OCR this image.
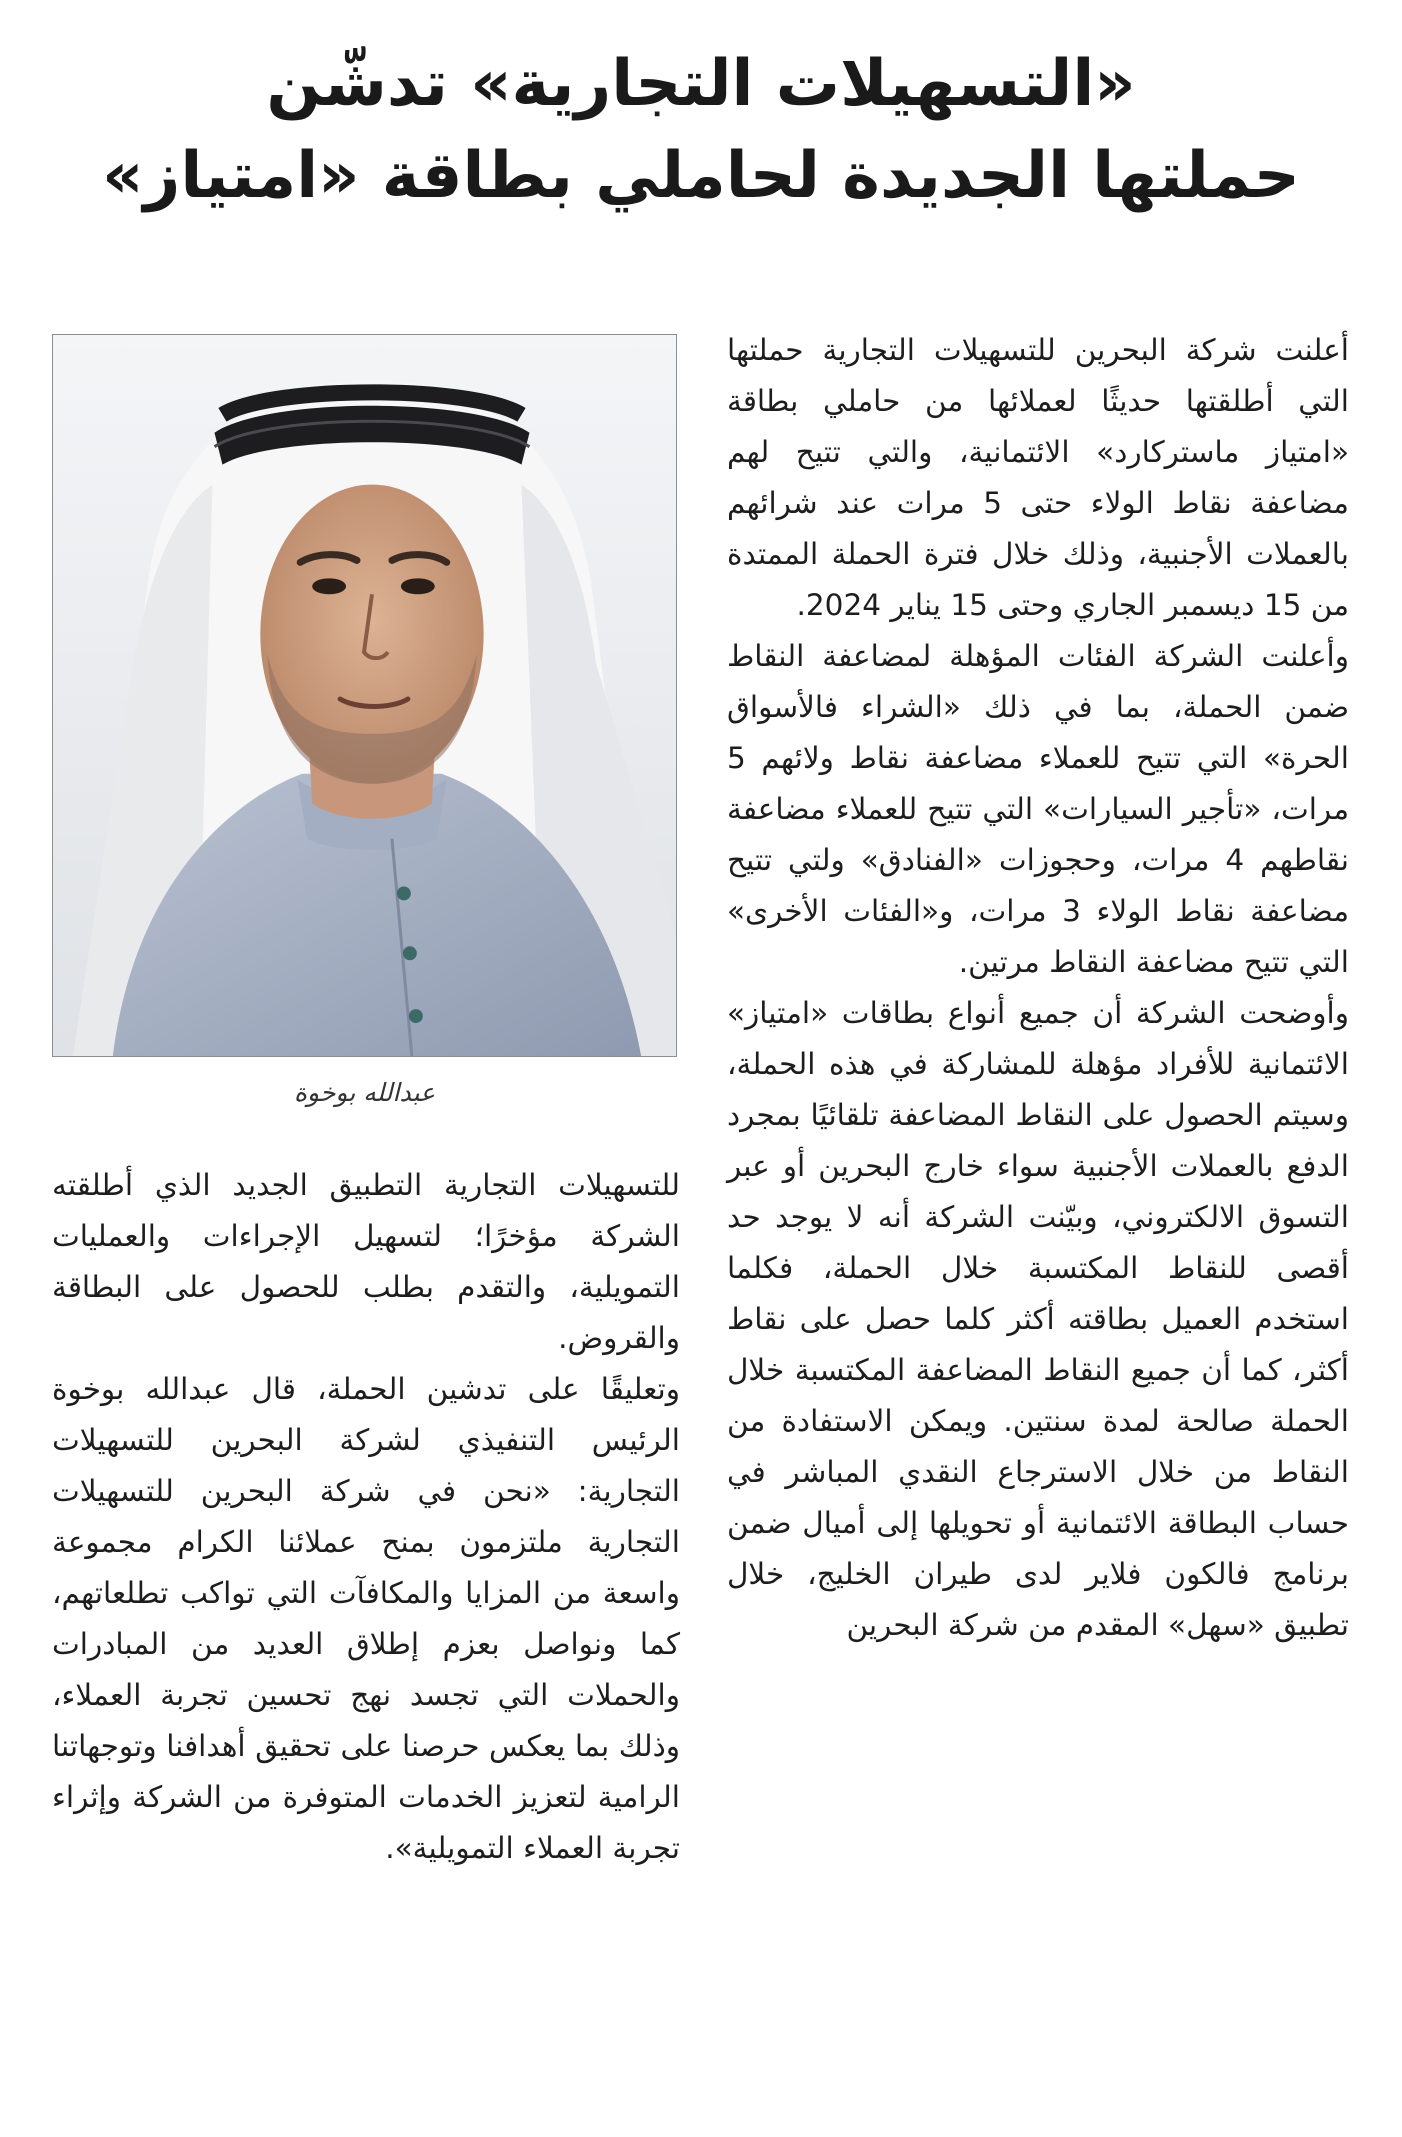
«التسهيلات التجارية» تدشّن
حملتها الجديدة لحاملي بطاقة «امتياز»

أعلنت شركة البحرين للتسهيلات التجارية حملتها التي أطلقتها حديثًا لعملائها من حاملي بطاقة «امتياز ماستركارد» الائتمانية، والتي تتيح لهم مضاعفة نقاط الولاء حتى 5 مرات عند شرائهم بالعملات الأجنبية، وذلك خلال فترة الحملة الممتدة من 15 ديسمبر الجاري وحتى 15 يناير 2024.

وأعلنت الشركة الفئات المؤهلة لمضاعفة النقاط ضمن الحملة، بما في ذلك «الشراء فالأسواق الحرة» التي تتيح للعملاء مضاعفة نقاط ولائهم 5 مرات، «تأجير السيارات» التي تتيح للعملاء مضاعفة نقاطهم 4 مرات، وحجوزات «الفنادق» ولتي تتيح مضاعفة نقاط الولاء 3 مرات، و«الفئات الأخرى» التي تتيح مضاعفة النقاط مرتين.

وأوضحت الشركة أن جميع أنواع بطاقات «امتياز» الائتمانية للأفراد مؤهلة للمشاركة في هذه الحملة، وسيتم الحصول على النقاط المضاعفة تلقائيًا بمجرد الدفع بالعملات الأجنبية سواء خارج البحرين أو عبر التسوق الالكتروني، وبيّنت الشركة أنه لا يوجد حد أقصى للنقاط المكتسبة خلال الحملة، فكلما استخدم العميل بطاقته أكثر كلما حصل على نقاط أكثر، كما أن جميع النقاط المضاعفة المكتسبة خلال الحملة صالحة لمدة سنتين. ويمكن الاستفادة من النقاط من خلال الاسترجاع النقدي المباشر في حساب البطاقة الائتمانية أو تحويلها إلى أميال ضمن برنامج فالكون فلاير لدى طيران الخليج، خلال تطبيق «سهل» المقدم من شركة البحرين

عبدالله بوخوة

للتسهيلات التجارية التطبيق الجديد الذي أطلقته الشركة مؤخرًا؛ لتسهيل الإجراءات والعمليات التمويلية، والتقدم بطلب للحصول على البطاقة والقروض.

وتعليقًا على تدشين الحملة، قال عبدالله بوخوة الرئيس التنفيذي لشركة البحرين للتسهيلات التجارية: «نحن في شركة البحرين للتسهيلات التجارية ملتزمون بمنح عملائنا الكرام مجموعة واسعة من المزايا والمكافآت التي تواكب تطلعاتهم، كما ونواصل بعزم إطلاق العديد من المبادرات والحملات التي تجسد نهج تحسين تجربة العملاء، وذلك بما يعكس حرصنا على تحقيق أهدافنا وتوجهاتنا الرامية لتعزيز الخدمات المتوفرة من الشركة وإثراء تجربة العملاء التمويلية».
